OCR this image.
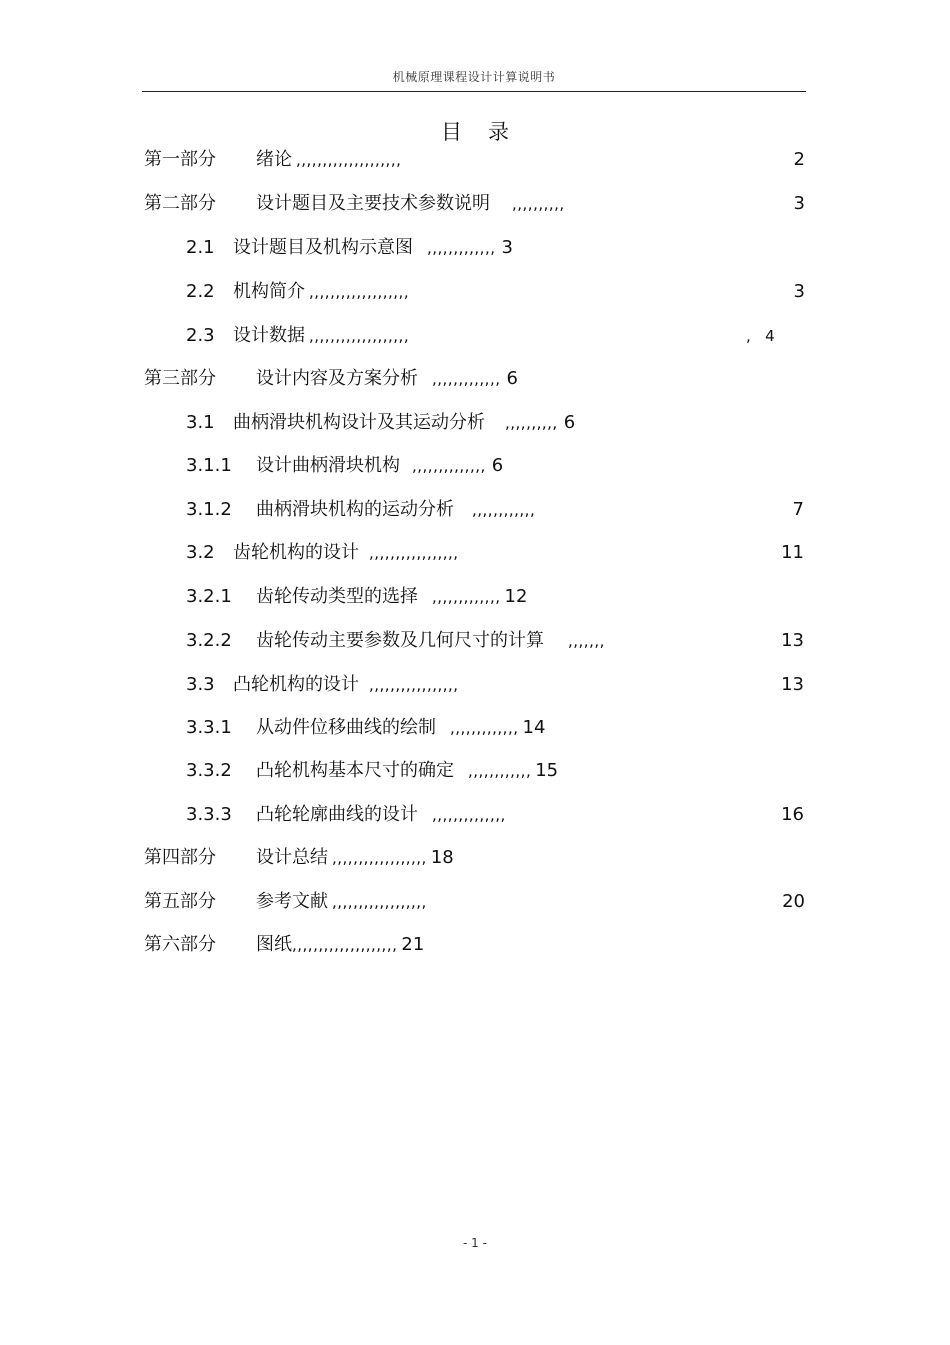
机械原理课程设计计算说明书
目录
第一部分 绪论 ,,,,,,,,,,,,,,,,,,,,	2
第二部分 设计题目及主要技术参数说明 ,,,,,,,,,,	3
2.1 设计题目及机构示意图 ,,,,,,,,,,,,, 3
2.2 机构简介 ,,,,,,,,,,,,,,,,,,,	3
2.3 设计数据 ,,,,,,,,,,,,,,,,,,,	, 4
第三部分 设计内容及方案分析 ,,,,,,,,,,,,, 6
3.1 曲柄滑块机构设计及其运动分析 ,,,,,,,,,, 6
3.1.1 设计曲柄滑块机构 ,,,,,,,,,,,,,, 6
3.1.2 曲柄滑块机构的运动分析 ,,,,,,,,,,,,	7
3.2 齿轮机构的设计 ,,,,,,,,,,,,,,,,,	11
3.2.1 齿轮传动类型的选择 ,,,,,,,,,,,,, 12
3.2.2 齿轮传动主要参数及几何尺寸的计算 ,,,,,,,	13
3.3 凸轮机构的设计 ,,,,,,,,,,,,,,,,,	13
3.3.1 从动件位移曲线的绘制 ,,,,,,,,,,,,, 14
3.3.2 凸轮机构基本尺寸的确定 ,,,,,,,,,,,, 15
3.3.3 凸轮轮廓曲线的设计 ,,,,,,,,,,,,,,	16
第四部分 设计总结 ,,,,,,,,,,,,,,,,,, 18
第五部分 参考文献 ,,,,,,,,,,,,,,,,,,	20
第六部分 图纸,,,,,,,,,,,,,,,,,,,, 21
- 1 -
